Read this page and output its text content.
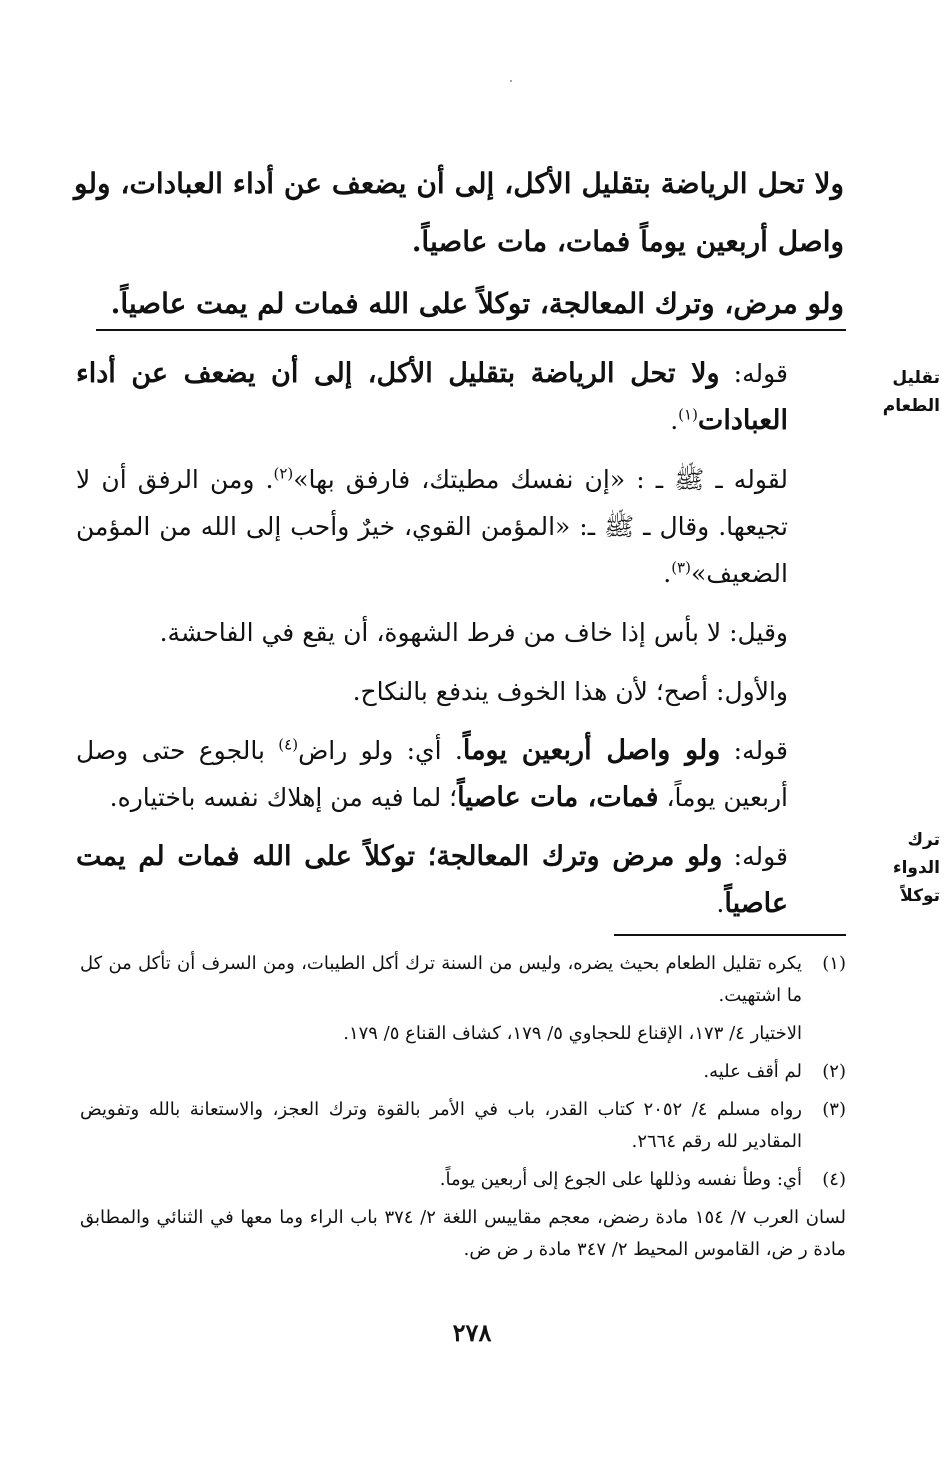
ولا تحل الرياضة بتقليل الأكل، إلى أن يضعف عن أداء العبادات، ولو واصل أربعين يوماً فمات، مات عاصياً.

ولو مرض، وترك المعالجة، توكلاً على الله فمات لم يمت عاصياً.

تقليل الطعام
ترك الدواء توكلاً

قوله: ولا تحل الرياضة بتقليل الأكل، إلى أن يضعف عن أداء العبادات$^{(١)}$.

لقوله ـ ﷺ ـ : «إن نفسك مطيتك، فارفق بها»$^{(٢)}$. ومن الرفق أن لا تجيعها. وقال ـ ﷺ ـ: «المؤمن القوي، خيرٌ وأحب إلى الله من المؤمن الضعيف»$^{(٣)}$.

وقيل: لا بأس إذا خاف من فرط الشهوة، أن يقع في الفاحشة.

والأول: أصح؛ لأن هذا الخوف يندفع بالنكاح.

قوله: ولو واصل أربعين يوماً. أي: ولو راض$^{(٤)}$ بالجوع حتى وصل أربعين يوماً، فمات، مات عاصياً؛ لما فيه من إهلاك نفسه باختياره.

قوله: ولو مرض وترك المعالجة؛ توكلاً على الله فمات لم يمت عاصياً.

(١)

يكره تقليل الطعام بحيث يضره، وليس من السنة ترك أكل الطيبات، ومن السرف أن تأكل من كل ما اشتهيت.

الاختيار ٤/ ١٧٣، الإقناع للحجاوي ٥/ ١٧٩، كشاف القناع ٥/ ١٧٩.
(٢)

لم أقف عليه.

(٣)

رواه مسلم ٤/ ٢٠٥٢ كتاب القدر، باب في الأمر بالقوة وترك العجز، والاستعانة بالله وتفويض المقادير لله رقم ٢٦٦٤.

(٤)

أي: وطأ نفسه وذللها على الجوع إلى أربعين يوماً.

لسان العرب ٧/ ١٥٤ مادة رضض، معجم مقاييس اللغة ٢/ ٣٧٤ باب الراء وما معها في الثنائي والمطابق مادة ر ض، القاموس المحيط ٢/ ٣٤٧ مادة ر ض ض.
٢٧٨
